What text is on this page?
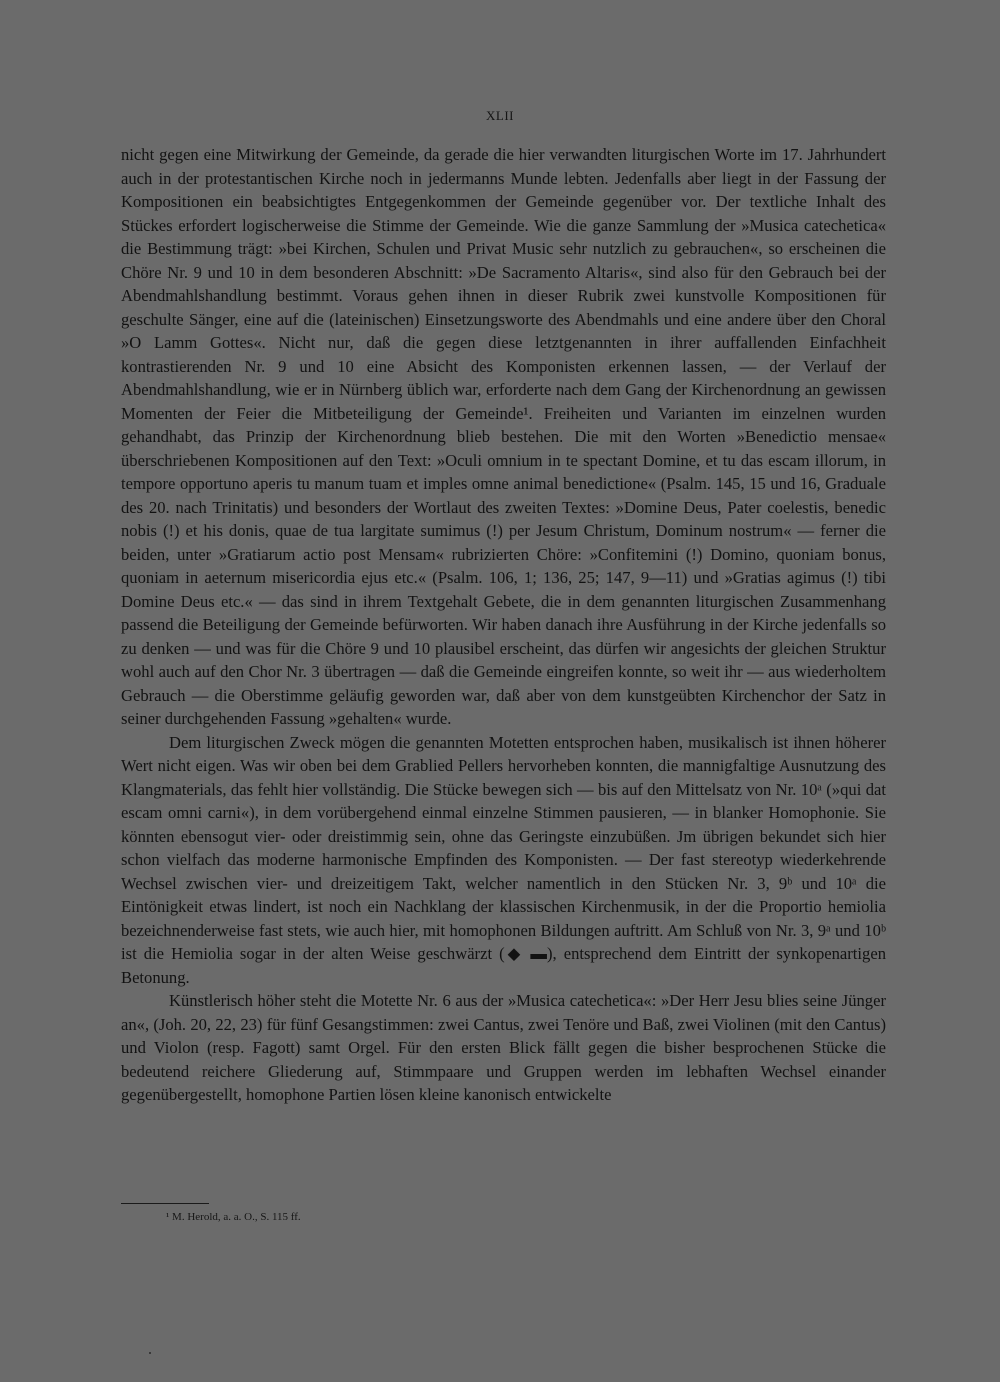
XLII

nicht gegen eine Mitwirkung der Gemeinde, da gerade die hier verwandten liturgischen Worte im 17. Jahrhundert auch in der protestantischen Kirche noch in jedermanns Munde lebten. Jedenfalls aber liegt in der Fassung der Kompositionen ein beabsichtigtes Entgegenkommen der Gemeinde gegenüber vor. Der textliche Inhalt des Stückes erfordert logischerweise die Stimme der Gemeinde. Wie die ganze Sammlung der »Musica catechetica« die Bestimmung trägt: »bei Kirchen, Schulen und Privat Music sehr nutzlich zu gebrauchen«, so erscheinen die Chöre Nr. 9 und 10 in dem besonderen Abschnitt: »De Sacramento Altaris«, sind also für den Gebrauch bei der Abendmahlshandlung bestimmt. Voraus gehen ihnen in dieser Rubrik zwei kunstvolle Kompositionen für geschulte Sänger, eine auf die (lateinischen) Einsetzungsworte des Abendmahls und eine andere über den Choral »O Lamm Gottes«. Nicht nur, daß die gegen diese letztgenannten in ihrer auffallenden Einfachheit kontrastierenden Nr. 9 und 10 eine Absicht des Komponisten erkennen lassen, — der Verlauf der Abendmahlshandlung, wie er in Nürnberg üblich war, erforderte nach dem Gang der Kirchenordnung an gewissen Momenten der Feier die Mitbeteiligung der Gemeinde¹. Freiheiten und Varianten im einzelnen wurden gehandhabt, das Prinzip der Kirchenordnung blieb bestehen. Die mit den Worten »Benedictio mensae« überschriebenen Kompositionen auf den Text: »Oculi omnium in te spectant Domine, et tu das escam illorum, in tempore opportuno aperis tu manum tuam et imples omne animal benedictione« (Psalm. 145, 15 und 16, Graduale des 20. nach Trinitatis) und besonders der Wortlaut des zweiten Textes: »Domine Deus, Pater coelestis, benedic nobis (!) et his donis, quae de tua largitate sumimus (!) per Jesum Christum, Dominum nostrum« — ferner die beiden, unter »Gratiarum actio post Mensam« rubrizierten Chöre: »Confitemini (!) Domino, quoniam bonus, quoniam in aeternum misericordia ejus etc.« (Psalm. 106, 1; 136, 25; 147, 9—11) und »Gratias agimus (!) tibi Domine Deus etc.« — das sind in ihrem Textgehalt Gebete, die in dem genannten liturgischen Zusammenhang passend die Beteiligung der Gemeinde befürworten. Wir haben danach ihre Ausführung in der Kirche jedenfalls so zu denken — und was für die Chöre 9 und 10 plausibel erscheint, das dürfen wir angesichts der gleichen Struktur wohl auch auf den Chor Nr. 3 übertragen — daß die Gemeinde eingreifen konnte, so weit ihr — aus wiederholtem Gebrauch — die Oberstimme geläufig geworden war, daß aber von dem kunstgeübten Kirchenchor der Satz in seiner durchgehenden Fassung »gehalten« wurde.

Dem liturgischen Zweck mögen die genannten Motetten entsprochen haben, musikalisch ist ihnen höherer Wert nicht eigen. Was wir oben bei dem Grablied Pellers hervorheben konnten, die mannigfaltige Ausnutzung des Klangmaterials, das fehlt hier vollständig. Die Stücke bewegen sich — bis auf den Mittelsatz von Nr. 10ᵃ (»qui dat escam omni carni«), in dem vorübergehend einmal einzelne Stimmen pausieren, — in blanker Homophonie. Sie könnten ebensogut vier- oder dreistimmig sein, ohne das Geringste einzubüßen. Jm übrigen bekundet sich hier schon vielfach das moderne harmonische Empfinden des Komponisten. — Der fast stereotyp wiederkehrende Wechsel zwischen vier- und dreizeitigem Takt, welcher namentlich in den Stücken Nr. 3, 9ᵇ und 10ᵃ die Eintönigkeit etwas lindert, ist noch ein Nachklang der klassischen Kirchenmusik, in der die Proportio hemiolia bezeichnenderweise fast stets, wie auch hier, mit homophonen Bildungen auftritt. Am Schluß von Nr. 3, 9ᵃ und 10ᵇ ist die Hemiolia sogar in der alten Weise geschwärzt (◆ ▬), entsprechend dem Eintritt der synkopenartigen Betonung.

Künstlerisch höher steht die Motette Nr. 6 aus der »Musica catechetica«: »Der Herr Jesu blies seine Jünger an«, (Joh. 20, 22, 23) für fünf Gesangstimmen: zwei Cantus, zwei Tenöre und Baß, zwei Violinen (mit den Cantus) und Violon (resp. Fagott) samt Orgel. Für den ersten Blick fällt gegen die bisher besprochenen Stücke die bedeutend reichere Gliederung auf, Stimmpaare und Gruppen werden im lebhaften Wechsel einander gegenübergestellt, homophone Partien lösen kleine kanonisch entwickelte

¹ M. Herold, a. a. O., S. 115 ff.
